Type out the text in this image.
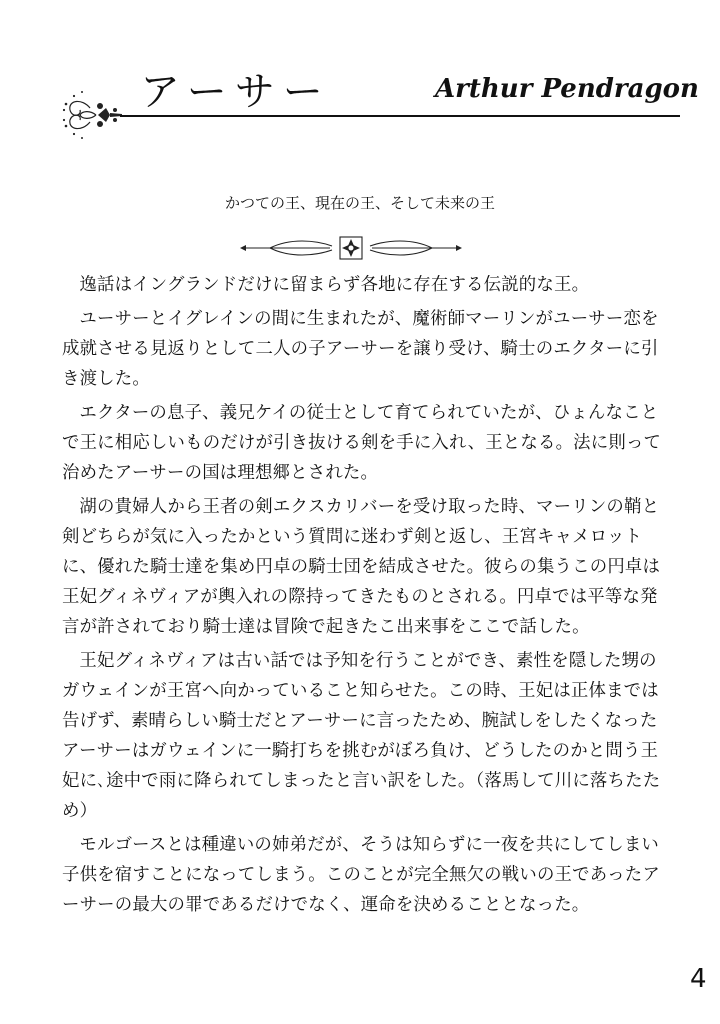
アーサー	Arthur Pendragon

かつての王、現在の王、そして未来の王

逸話はイングランドだけに留まらず各地に存在する伝説的な王。

ユーサーとイグレインの間に生まれたが、魔術師マーリンがユーサー恋を成就させる見返りとして二人の子アーサーを譲り受け、騎士のエクターに引き渡した。

エクターの息子、義兄ケイの従士として育てられていたが、ひょんなことで王に相応しいものだけが引き抜ける剣を手に入れ、王となる。法に則って治めたアーサーの国は理想郷とされた。

湖の貴婦人から王者の剣エクスカリバーを受け取った時、マーリンの鞘と剣どちらが気に入ったかという質問に迷わず剣と返し、王宮キャメロットに、優れた騎士達を集め円卓の騎士団を結成させた。彼らの集うこの円卓は王妃グィネヴィアが輿入れの際持ってきたものとされる。円卓では平等な発言が許されており騎士達は冒険で起きたこ出来事をここで話した。

王妃グィネヴィアは古い話では予知を行うことができ、素性を隠した甥のガウェインが王宮へ向かっていること知らせた。この時、王妃は正体までは告げず、素晴らしい騎士だとアーサーに言ったため、腕試しをしたくなったアーサーはガウェインに一騎打ちを挑むがぼろ負け、どうしたのかと問う王妃に､途中で雨に降られてしまったと言い訳をした。（落馬して川に落ちたため）

モルゴースとは種違いの姉弟だが、そうは知らずに一夜を共にしてしまい子供を宿すことになってしまう。このことが完全無欠の戦いの王であったアーサーの最大の罪であるだけでなく、運命を決めることとなった。

4
